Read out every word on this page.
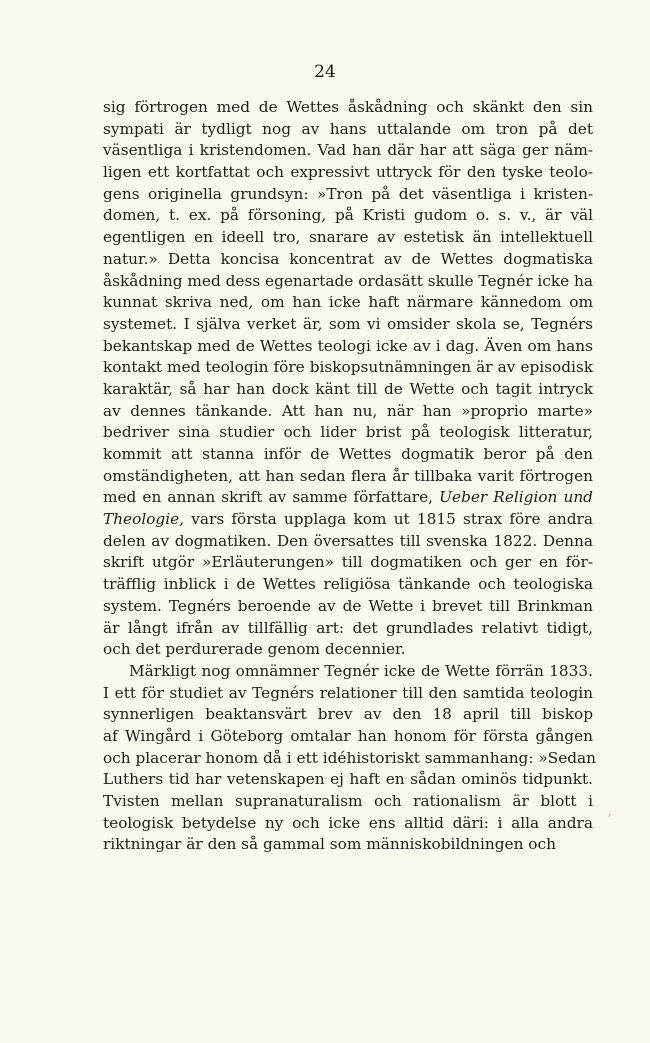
24
sig förtrogen med de Wettes åskådning och skänkt den sin
sympati är tydligt nog av hans uttalande om tron på det
väsentliga i kristendomen. Vad han där har att säga ger näm-
ligen ett kortfattat och expressivt uttryck för den tyske teolo-
gens originella grundsyn: »Tron på det väsentliga i kristen-
domen, t. ex. på försoning, på Kristi gudom o. s. v., är väl
egentligen en ideell tro, snarare av estetisk än intellektuell
natur.» Detta koncisa koncentrat av de Wettes dogmatiska
åskådning med dess egenartade ordasätt skulle Tegnér icke ha
kunnat skriva ned, om han icke haft närmare kännedom om
systemet. I själva verket är, som vi omsider skola se, Tegnérs
bekantskap med de Wettes teologi icke av i dag. Även om hans
kontakt med teologin före biskopsutnämningen är av episodisk
karaktär, så har han dock känt till de Wette och tagit intryck
av dennes tänkande. Att han nu, när han »proprio marte»
bedriver sina studier och lider brist på teologisk litteratur,
kommit att stanna inför de Wettes dogmatik beror på den
omständigheten, att han sedan flera år tillbaka varit förtrogen
med en annan skrift av samme författare, Ueber Religion und
Theologie, vars första upplaga kom ut 1815 strax före andra
delen av dogmatiken. Den översattes till svenska 1822. Denna
skrift utgör »Erläuterungen» till dogmatiken och ger en för-
träfflig inblick i de Wettes religiösa tänkande och teologiska
system. Tegnérs beroende av de Wette i brevet till Brinkman
är långt ifrån av tillfällig art: det grundlades relativt tidigt,
och det perdurerade genom decennier.
Märkligt nog omnämner Tegnér icke de Wette förrän 1833.
I ett för studiet av Tegnérs relationer till den samtida teologin
synnerligen beaktansvärt brev av den 18 april till biskop
af Wingård i Göteborg omtalar han honom för första gången
och placerar honom då i ett idéhistoriskt sammanhang: »Sedan
Luthers tid har vetenskapen ej haft en sådan ominös tidpunkt.
Tvisten mellan supranaturalism och rationalism är blott i
teologisk betydelse ny och icke ens alltid däri: i alla andra
riktningar är den så gammal som människobildningen och
'
